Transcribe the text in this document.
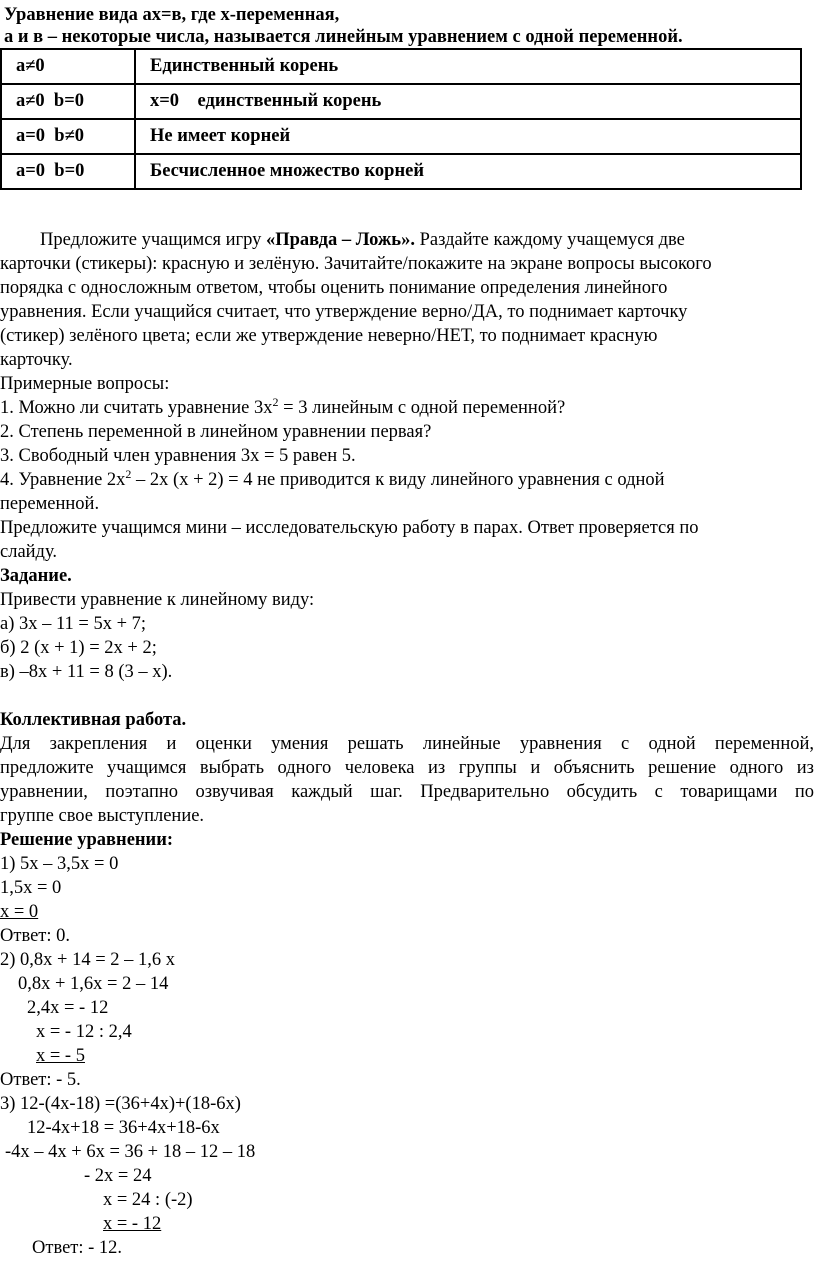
Уравнение вида ax=в, где x-переменная,
а и в – некоторые числа, называется линейным уравнением с одной переменной.
a≠0	Единственный корень
a≠0  b=0	x=0    единственный корень
a=0  b≠0	Не имеет корней
a=0  b=0	Бесчисленное множество корней
Предложите учащимся игру «Правда – Ложь». Раздайте каждому учащемуся две
карточки (стикеры): красную и зелёную. Зачитайте/покажите на экране вопросы высокого
порядка с односложным ответом, чтобы оценить понимание определения линейного
уравнения. Если учащийся считает, что утверждение верно/ДА, то поднимает карточку
(стикер) зелёного цвета; если же утверждение неверно/НЕТ, то поднимает красную
карточку.
Примерные вопросы:
1. Можно ли считать уравнение $3х^2 = 3$ линейным с одной переменной?
2. Степень переменной в линейном уравнении первая?
3. Свободный член уравнения 3х = 5 равен 5.
4. Уравнение $2х^2 - 2х$ (х + 2) = 4 не приводится к виду линейного уравнения с одной
переменной.
Предложите учащимся мини – исследовательскую работу в парах. Ответ проверяется по
слайду.
Задание.
Привести уравнение к линейному виду:
а) 3х – 11 = 5х + 7;
б) 2 (х + 1) = 2х + 2;
в) –8х + 11 = 8 (3 – х).
Коллективная работа.
Для закрепления и оценки умения решать линейные уравнения с одной переменной,
предложите учащимся выбрать одного человека из группы и объяснить решение одного из
уравнении, поэтапно озвучивая каждый шаг. Предварительно обсудить с товарищами по
группе свое выступление.
Решение уравнении:
1) 5х – 3,5х = 0
1,5х = 0
х = 0
Ответ: 0.
2) 0,8х + 14 = 2 – 1,6 х
0,8х + 1,6х = 2 – 14
2,4х = - 12
х = - 12 : 2,4
х = - 5
Ответ: - 5.
3) 12-(4х-18) =(36+4х)+(18-6х)
12-4х+18 = 36+4х+18-6х
-4х – 4х + 6х = 36 + 18 – 12 – 18
- 2х = 24
х = 24 : (-2)
х = - 12
Ответ: - 12.
